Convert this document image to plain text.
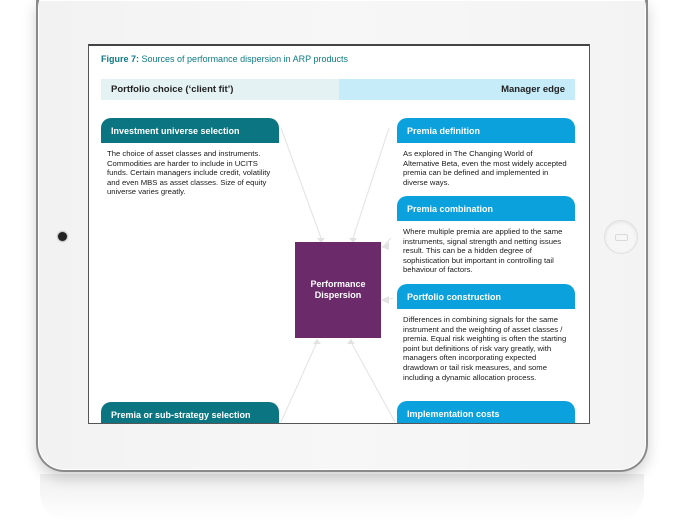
Figure 7: Sources of performance dispersion in ARP products
Portfolio choice (‘client fit’)	Manager edge
Investment universe selection
The choice of asset classes and instruments. Commodities are harder to include in UCITS funds. Certain managers include credit, volatility and even MBS as asset classes. Size of equity universe varies greatly.
Premia or sub-strategy selection
Performance
Dispersion
Premia definition
As explored in The Changing World of Alternative Beta, even the most widely accepted premia can be defined and implemented in diverse ways.
Premia combination
Where multiple premia are applied to the same instruments, signal strength and netting issues result. This can be a hidden degree of sophistication but important in controlling tail behaviour of factors.
Portfolio construction
Differences in combining signals for the same instrument and the weighting of asset classes / premia. Equal risk weighting is often the starting point but definitions of risk vary greatly, with managers often incorporating expected drawdown or tail risk measures, and some including a dynamic allocation process.
Implementation costs
